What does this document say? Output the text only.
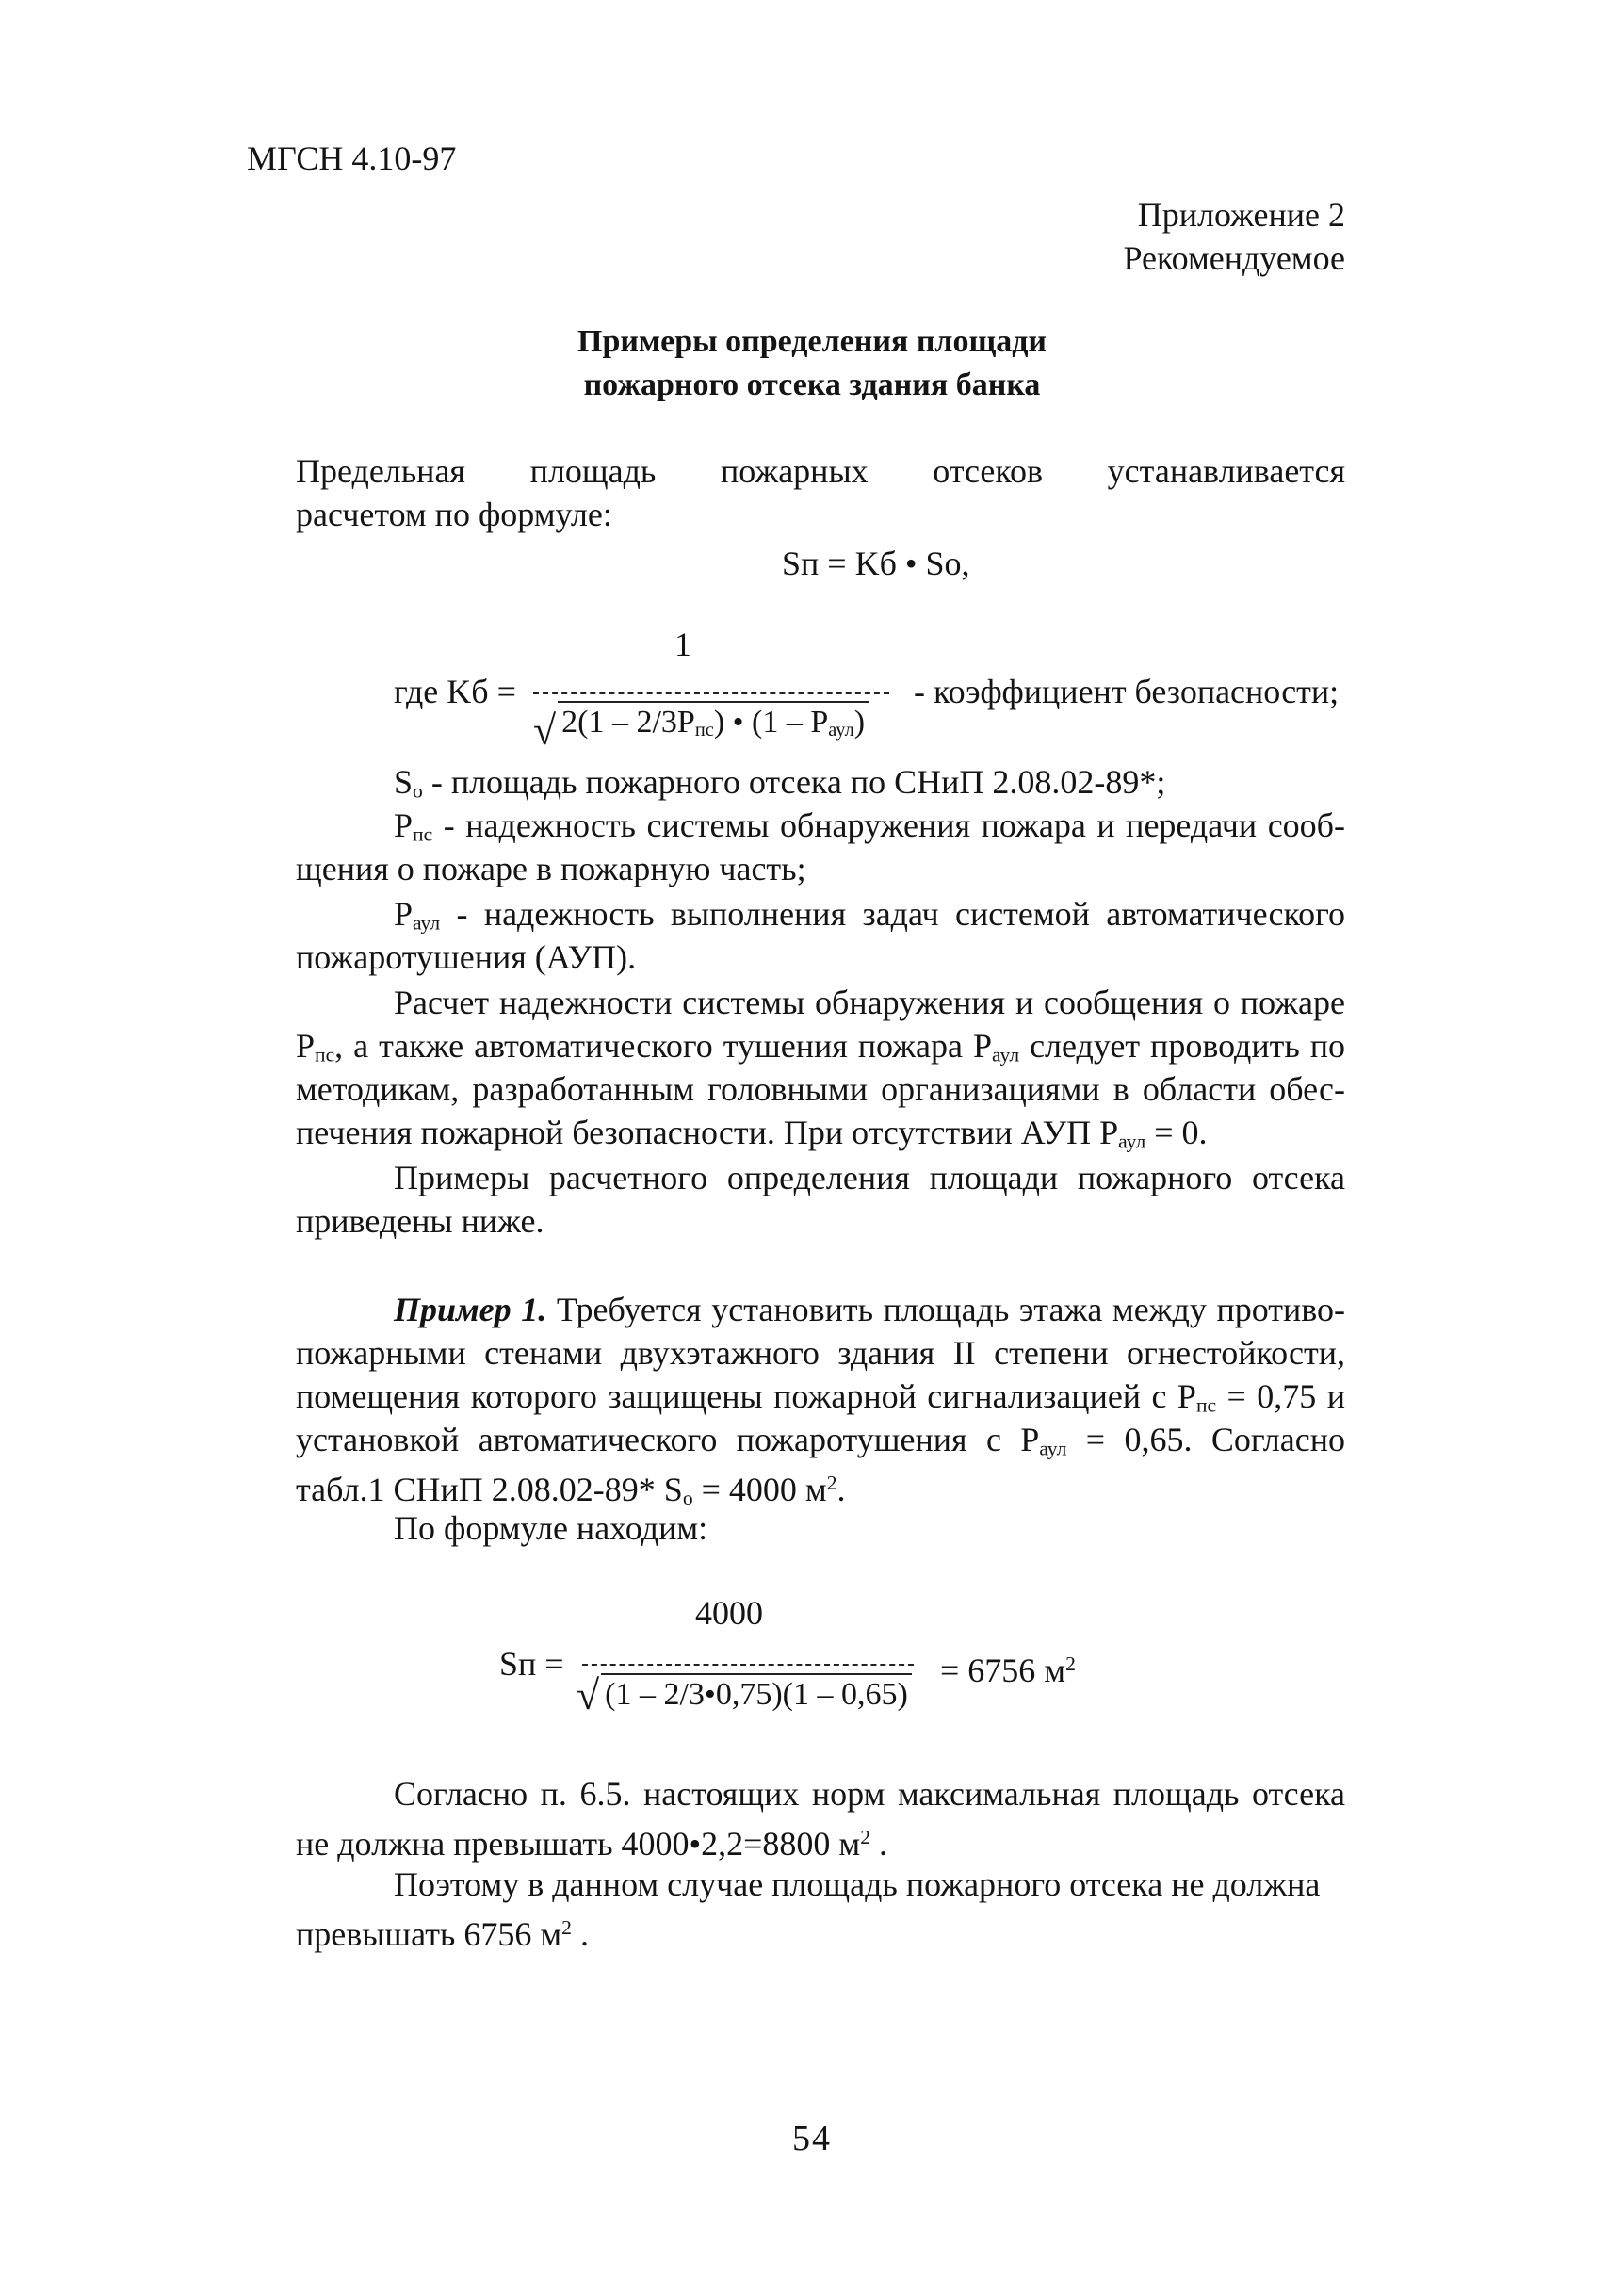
МГСН 4.10-97
Приложение 2
Рекомендуемое
Примеры определения площади
пожарного отсека здания банка
Предельная площадь пожарных отсеков устанавливается
расчетом по формуле:
Sп = Kб • So,
1
где Kб =	- коэффициент безопасности;
√ $2(1 - 2/3P_{пс})$ • $(1 - P_{аул})$
$S_o$ - площадь пожарного отсека по СНиП 2.08.02-89*;
$P_{пс}$ - надежность системы обнаружения пожара и передачи сооб-
щения о пожаре в пожарную часть;
$P_{аул}$ - надежность выполнения задач системой автоматического
пожаротушения (АУП).
Расчет надежности системы обнаружения и сообщения о пожаре
$P_{пс}$, а также автоматического тушения пожара $P_{аул}$ следует проводить по
методикам, разработанным головными организациями в области обес-
печения пожарной безопасности. При отсутствии АУП $P_{аул} = 0$.
Примеры расчетного определения площади пожарного отсека
приведены ниже.
Пример 1. Требуется установить площадь этажа между противо-
пожарными стенами двухэтажного здания II степени огнестойкости,
помещения которого защищены пожарной сигнализацией с $P_{пс} = 0,75$ и
установкой автоматического пожаротушения с $P_{аул} = 0,65$. Согласно
табл.1 СНиП 2.08.02-89* $S_o = 4000$ $м^2$.
По формуле находим:
4000
Sп =	= 6756 $м^2$
√ (1 – 2/3•0,75)(1 – 0,65)
Согласно п. 6.5. настоящих норм максимальная площадь отсека
не должна превышать 4000•2,2=8800 $м^2$ .
Поэтому в данном случае площадь пожарного отсека не должна
превышать 6756 $м^2$ .
54
